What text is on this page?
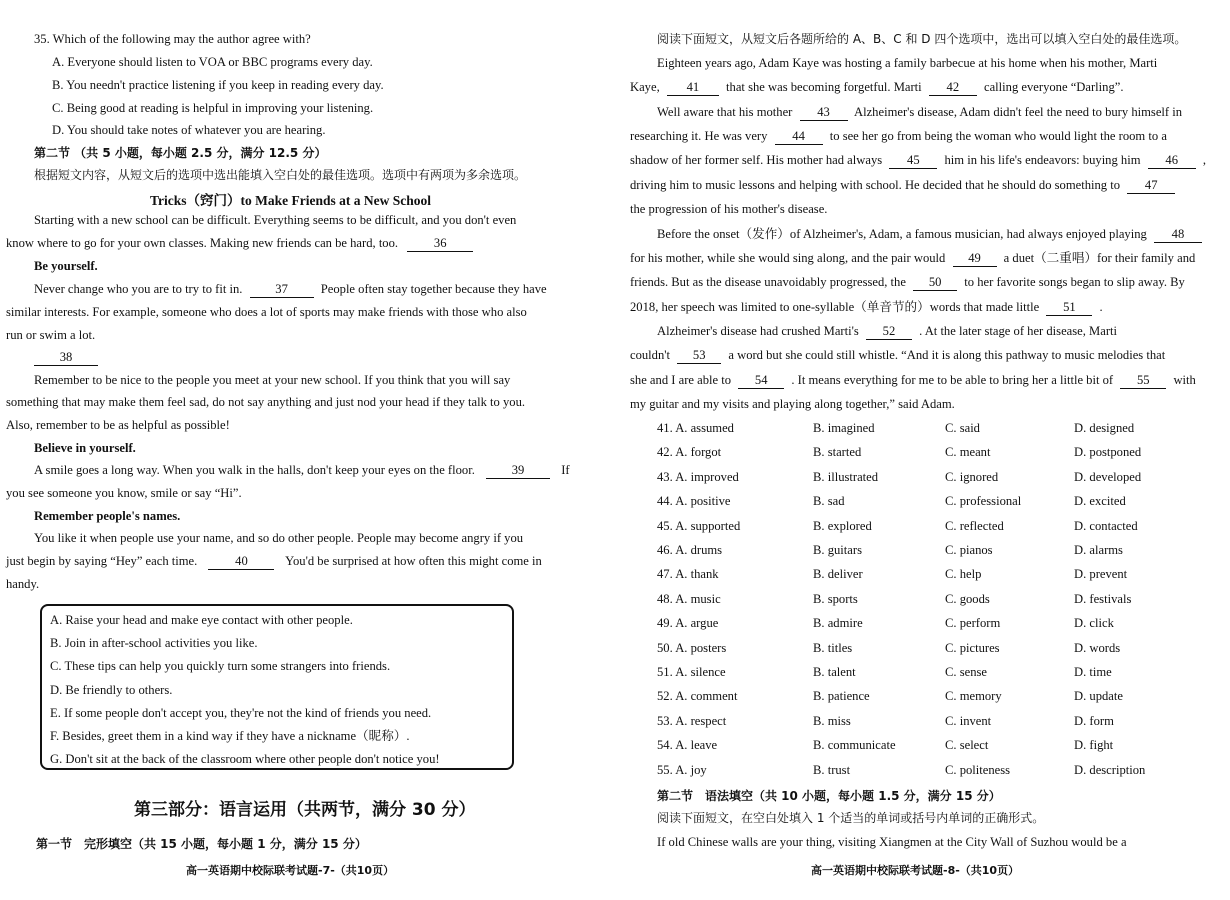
35. Which of the following may the author agree with?
A. Everyone should listen to VOA or BBC programs every day.
B. You needn't practice listening if you keep in reading every day.
C. Being good at reading is helpful in improving your listening.
D. You should take notes of whatever you are hearing.
第二节 （共 5 小题，每小题 2.5 分，满分 12.5 分）
根据短文内容，从短文后的选项中选出能填入空白处的最佳选项。选项中有两项为多余选项。
Tricks（窍门）to Make Friends at a New School
Starting with a new school can be difficult. Everything seems to be difficult, and you don't even
know where to go for your own classes. Making new friends can be hard, too.	36
Be yourself.
Never change who you are to try to fit in.	37	People often stay together because they have
similar interests. For example, someone who does a lot of sports may make friends with those who also
run or swim a lot.
38
Remember to be nice to the people you meet at your new school. If you think that you will say
something that may make them feel sad, do not say anything and just nod your head if they talk to you.
Also, remember to be as helpful as possible!
Believe in yourself.
A smile goes a long way. When you walk in the halls, don't keep your eyes on the floor.	39	If
you see someone you know, smile or say “Hi”.
Remember people's names.
You like it when people use your name, and so do other people. People may become angry if you
just begin by saying “Hey” each time.	40	You'd be surprised at how often this might come in
handy.
A. Raise your head and make eye contact with other people.
B. Join in after-school activities you like.
C. These tips can help you quickly turn some strangers into friends.
D. Be friendly to others.
E. If some people don't accept you, they're not the kind of friends you need.
F. Besides, greet them in a kind way if they have a nickname（昵称）.
G. Don't sit at the back of the classroom where other people don't notice you!
第三部分：语言运用（共两节，满分 30 分）
第一节　完形填空（共 15 小题，每小题 1 分，满分 15 分）
高一英语期中校际联考试题-7-（共10页）
阅读下面短文，从短文后各题所给的 A、B、C 和 D 四个选项中，选出可以填入空白处的最佳选项。
Eighteen years ago, Adam Kaye was hosting a family barbecue at his home when his mother, Marti
Kaye, 41 that she was becoming forgetful. Marti 42 calling everyone “Darling”.
Well aware that his mother 43 Alzheimer's disease, Adam didn't feel the need to bury himself in
researching it. He was very 44 to see her go from being the woman who would light the room to a
shadow of her former self. His mother had always 45 him in his life's endeavors: buying him 46 ,
driving him to music lessons and helping with school. He decided that he should do something to 47
the progression of his mother's disease.
Before the onset（发作）of Alzheimer's, Adam, a famous musician, had always enjoyed playing 48
for his mother, while she would sing along, and the pair would 49 a duet（二重唱）for their family and
friends. But as the disease unavoidably progressed, the 50 to her favorite songs began to slip away. By
2018, her speech was limited to one-syllable（单音节的）words that made little 51 .
Alzheimer's disease had crushed Marti's 52 . At the later stage of her disease, Marti
couldn't 53 a word but she could still whistle. “And it is along this pathway to music melodies that
she and I are able to 54 . It means everything for me to be able to bring her a little bit of 55 with
my guitar and my visits and playing along together,” said Adam.
41. A. assumed	B. imagined	C. said	D. designed
42. A. forgot	B. started	C. meant	D. postponed
43. A. improved	B. illustrated	C. ignored	D. developed
44. A. positive	B. sad	C. professional	D. excited
45. A. supported	B. explored	C. reflected	D. contacted
46. A. drums	B. guitars	C. pianos	D. alarms
47. A. thank	B. deliver	C. help	D. prevent
48. A. music	B. sports	C. goods	D. festivals
49. A. argue	B. admire	C. perform	D. click
50. A. posters	B. titles	C. pictures	D. words
51. A. silence	B. talent	C. sense	D. time
52. A. comment	B. patience	C. memory	D. update
53. A. respect	B. miss	C. invent	D. form
54. A. leave	B. communicate	C. select	D. fight
55. A. joy	B. trust	C. politeness	D. description
第二节　语法填空（共 10 小题，每小题 1.5 分，满分 15 分）
阅读下面短文，在空白处填入 1 个适当的单词或括号内单词的正确形式。
If old Chinese walls are your thing, visiting Xiangmen at the City Wall of Suzhou would be a
高一英语期中校际联考试题-8-（共10页）
